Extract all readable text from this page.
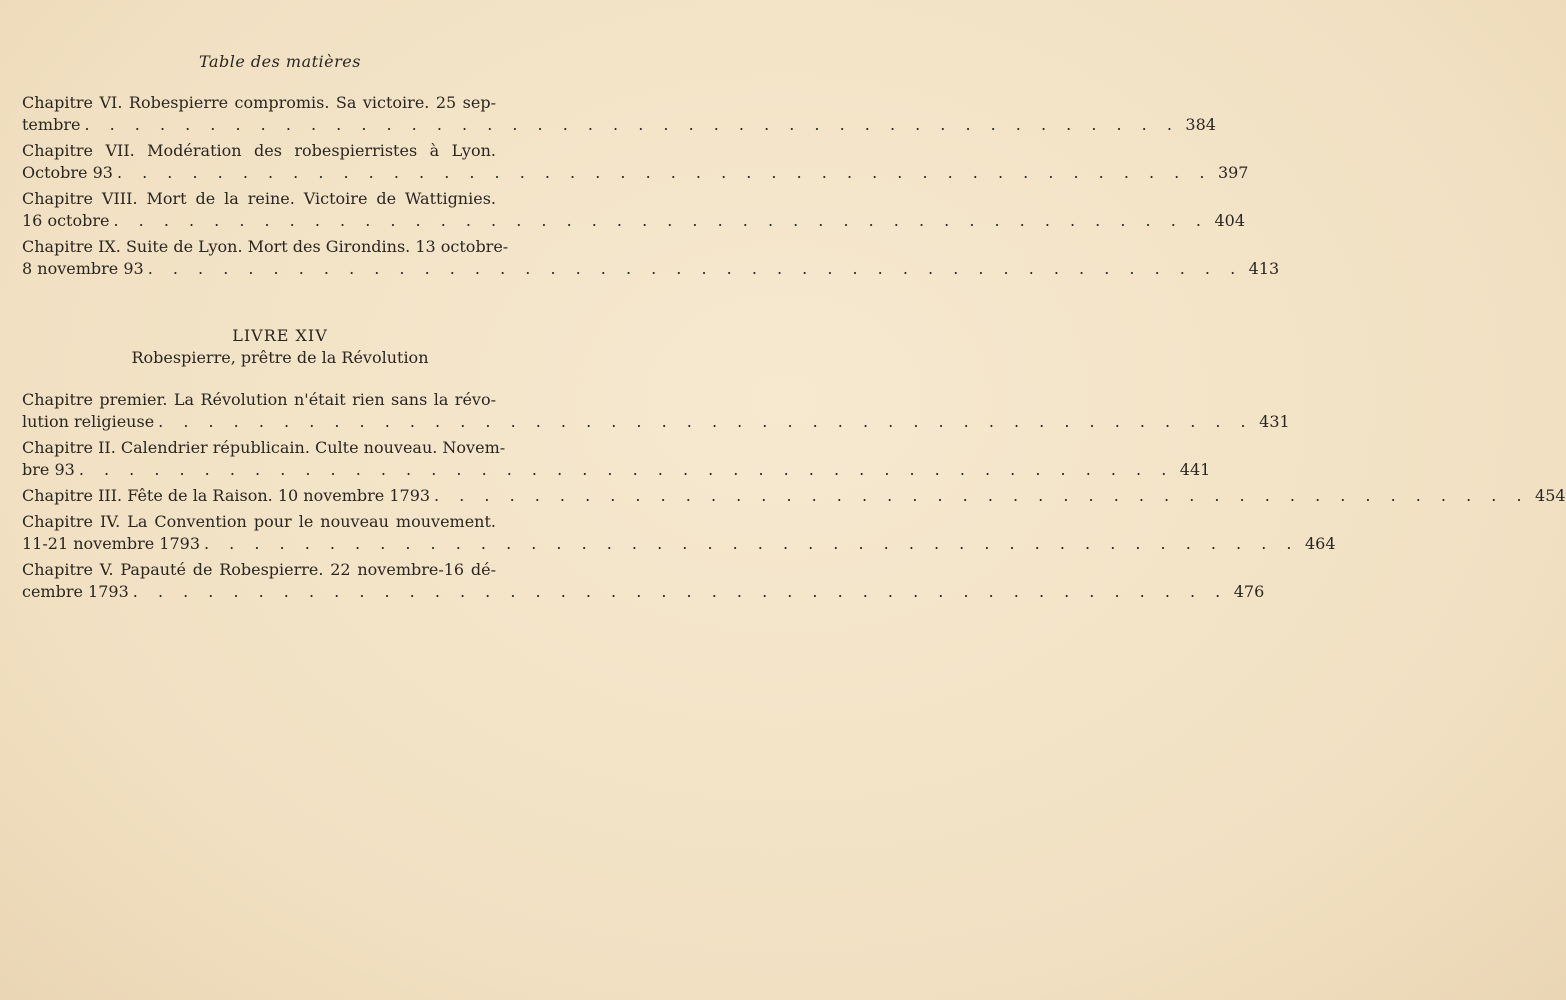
Table des matières
Chapitre VI. Robespierre compromis. Sa victoire. 25 sep-
tembre . . . . . . . . . . . . . . . . . . . . . . . . . . . . . . . . . . . . . . . . . . . . 384
Chapitre VII. Modération des robespierristes à Lyon.
Octobre 93 . . . . . . . . . . . . . . . . . . . . . . . . . . . . . . . . . . . . . . . . . . . . 397
Chapitre VIII. Mort de la reine. Victoire de Wattignies.
16 octobre . . . . . . . . . . . . . . . . . . . . . . . . . . . . . . . . . . . . . . . . . . . . 404
Chapitre IX. Suite de Lyon. Mort des Girondins. 13 octobre-
8 novembre 93 . . . . . . . . . . . . . . . . . . . . . . . . . . . . . . . . . . . . . . . . . . . . 413
LIVRE XIV
Robespierre, prêtre de la Révolution
Chapitre premier. La Révolution n'était rien sans la révo-
lution religieuse . . . . . . . . . . . . . . . . . . . . . . . . . . . . . . . . . . . . . . . . . . . . 431
Chapitre II. Calendrier républicain. Culte nouveau. Novem-
bre 93 . . . . . . . . . . . . . . . . . . . . . . . . . . . . . . . . . . . . . . . . . . . . 441
Chapitre III. Fête de la Raison. 10 novembre 1793 . . . . . . . . . . . . . . . . . . . . . . . . . . . . . . . . . . . . . . . . . . . . 454
Chapitre IV. La Convention pour le nouveau mouvement.
11-21 novembre 1793 . . . . . . . . . . . . . . . . . . . . . . . . . . . . . . . . . . . . . . . . . . . . 464
Chapitre V. Papauté de Robespierre. 22 novembre-16 dé-
cembre 1793 . . . . . . . . . . . . . . . . . . . . . . . . . . . . . . . . . . . . . . . . . . . . 476
